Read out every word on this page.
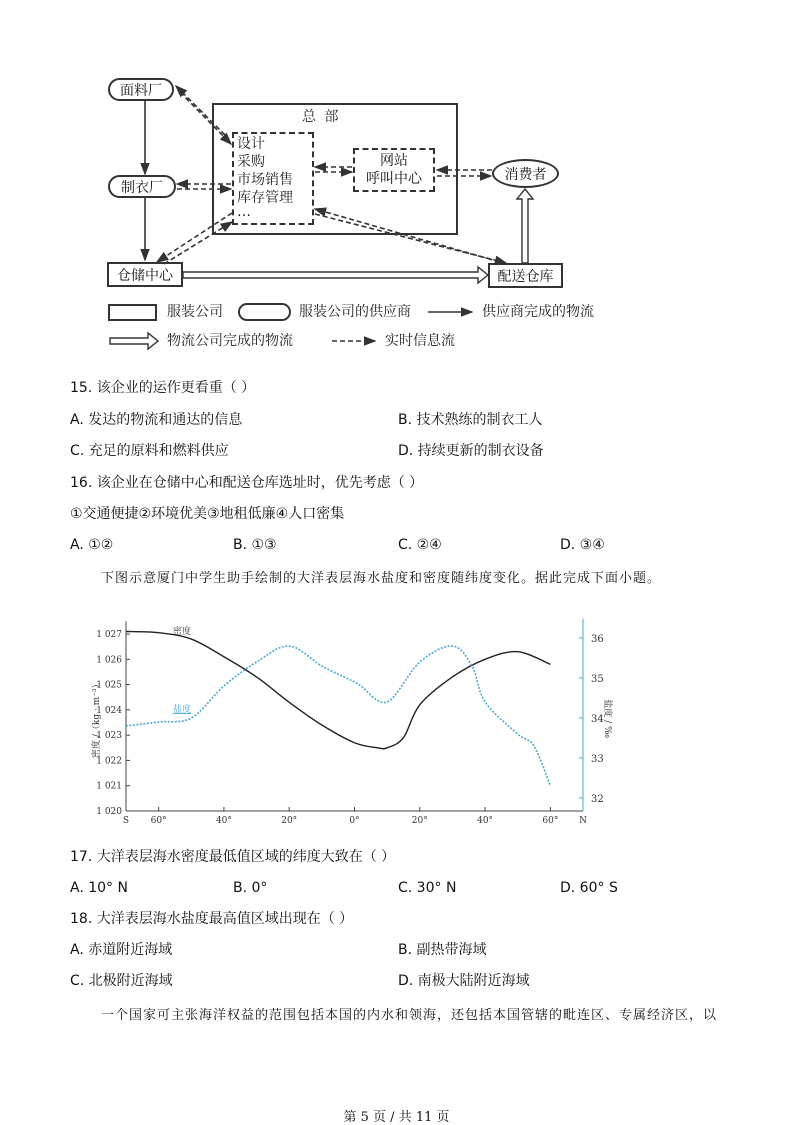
总 部
设计
采购
市场销售
库存管理
…
网站
呼叫中心
面料厂
制衣厂
仓储中心
消费者
配送仓库
服装公司	服装公司的供应商	供应商完成的物流
物流公司完成的物流	实时信息流
15. 该企业的运作更看重（ ）
A. 发达的物流和通达的信息	B. 技术熟练的制衣工人
C. 充足的原料和燃料供应	D. 持续更新的制衣设备
16. 该企业在仓储中心和配送仓库选址时，优先考虑（ ）
①交通便捷②环境优美③地租低廉④人口密集
A. ①②	B. ①③	C. ②④	D. ③④
下图示意厦门中学生助手绘制的大洋表层海水盐度和密度随纬度变化。据此完成下面小题。
1 020
1 021
1 022
1 023
1 024
1 025
1 026
1 027
32
33
34
35
36
S 60°	40°	20°	0°	20°	40°	60° N
密度 /（kg · m⁻³）	盐度 / ‰
密度
盐度
17. 大洋表层海水密度最低值区域的纬度大致在（ ）
A. 10° N	B. 0°	C. 30° N	D. 60° S
18. 大洋表层海水盐度最高值区域出现在（ ）
A. 赤道附近海域	B. 副热带海域
C. 北极附近海域	D. 南极大陆附近海域
一个国家可主张海洋权益的范围包括本国的内水和领海，还包括本国管辖的毗连区、专属经济区，以
第 5 页 / 共 11 页
